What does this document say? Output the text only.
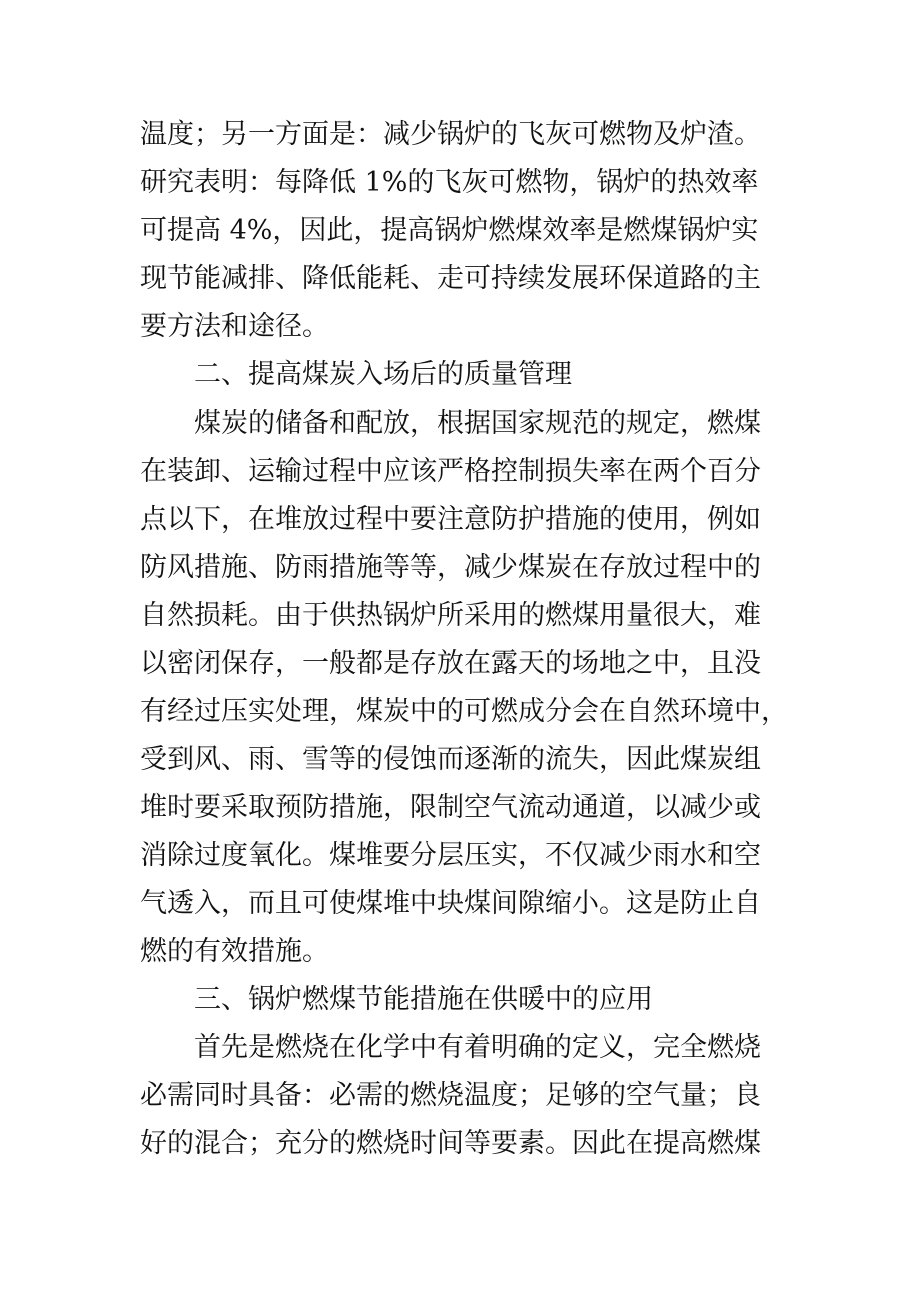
温度；另一方面是：减少锅炉的飞灰可燃物及炉渣。

研究表明：每降低 1%的飞灰可燃物，锅炉的热效率

可提高 4%，因此，提高锅炉燃煤效率是燃煤锅炉实

现节能减排、降低能耗、走可持续发展环保道路的主

要方法和途径。

二、提高煤炭入场后的质量管理

煤炭的储备和配放，根据国家规范的规定，燃煤

在装卸、运输过程中应该严格控制损失率在两个百分

点以下，在堆放过程中要注意防护措施的使用，例如

防风措施、防雨措施等等，减少煤炭在存放过程中的

自然损耗。由于供热锅炉所采用的燃煤用量很大，难

以密闭保存，一般都是存放在露天的场地之中，且没

有经过压实处理，煤炭中的可燃成分会在自然环境中，

受到风、雨、雪等的侵蚀而逐渐的流失，因此煤炭组

堆时要采取预防措施，限制空气流动通道，以减少或

消除过度氧化。煤堆要分层压实，不仅减少雨水和空

气透入，而且可使煤堆中块煤间隙缩小。这是防止自

燃的有效措施。

三、锅炉燃煤节能措施在供暖中的应用

首先是燃烧在化学中有着明确的定义，完全燃烧

必需同时具备：必需的燃烧温度；足够的空气量；良

好的混合；充分的燃烧时间等要素。因此在提高燃煤
